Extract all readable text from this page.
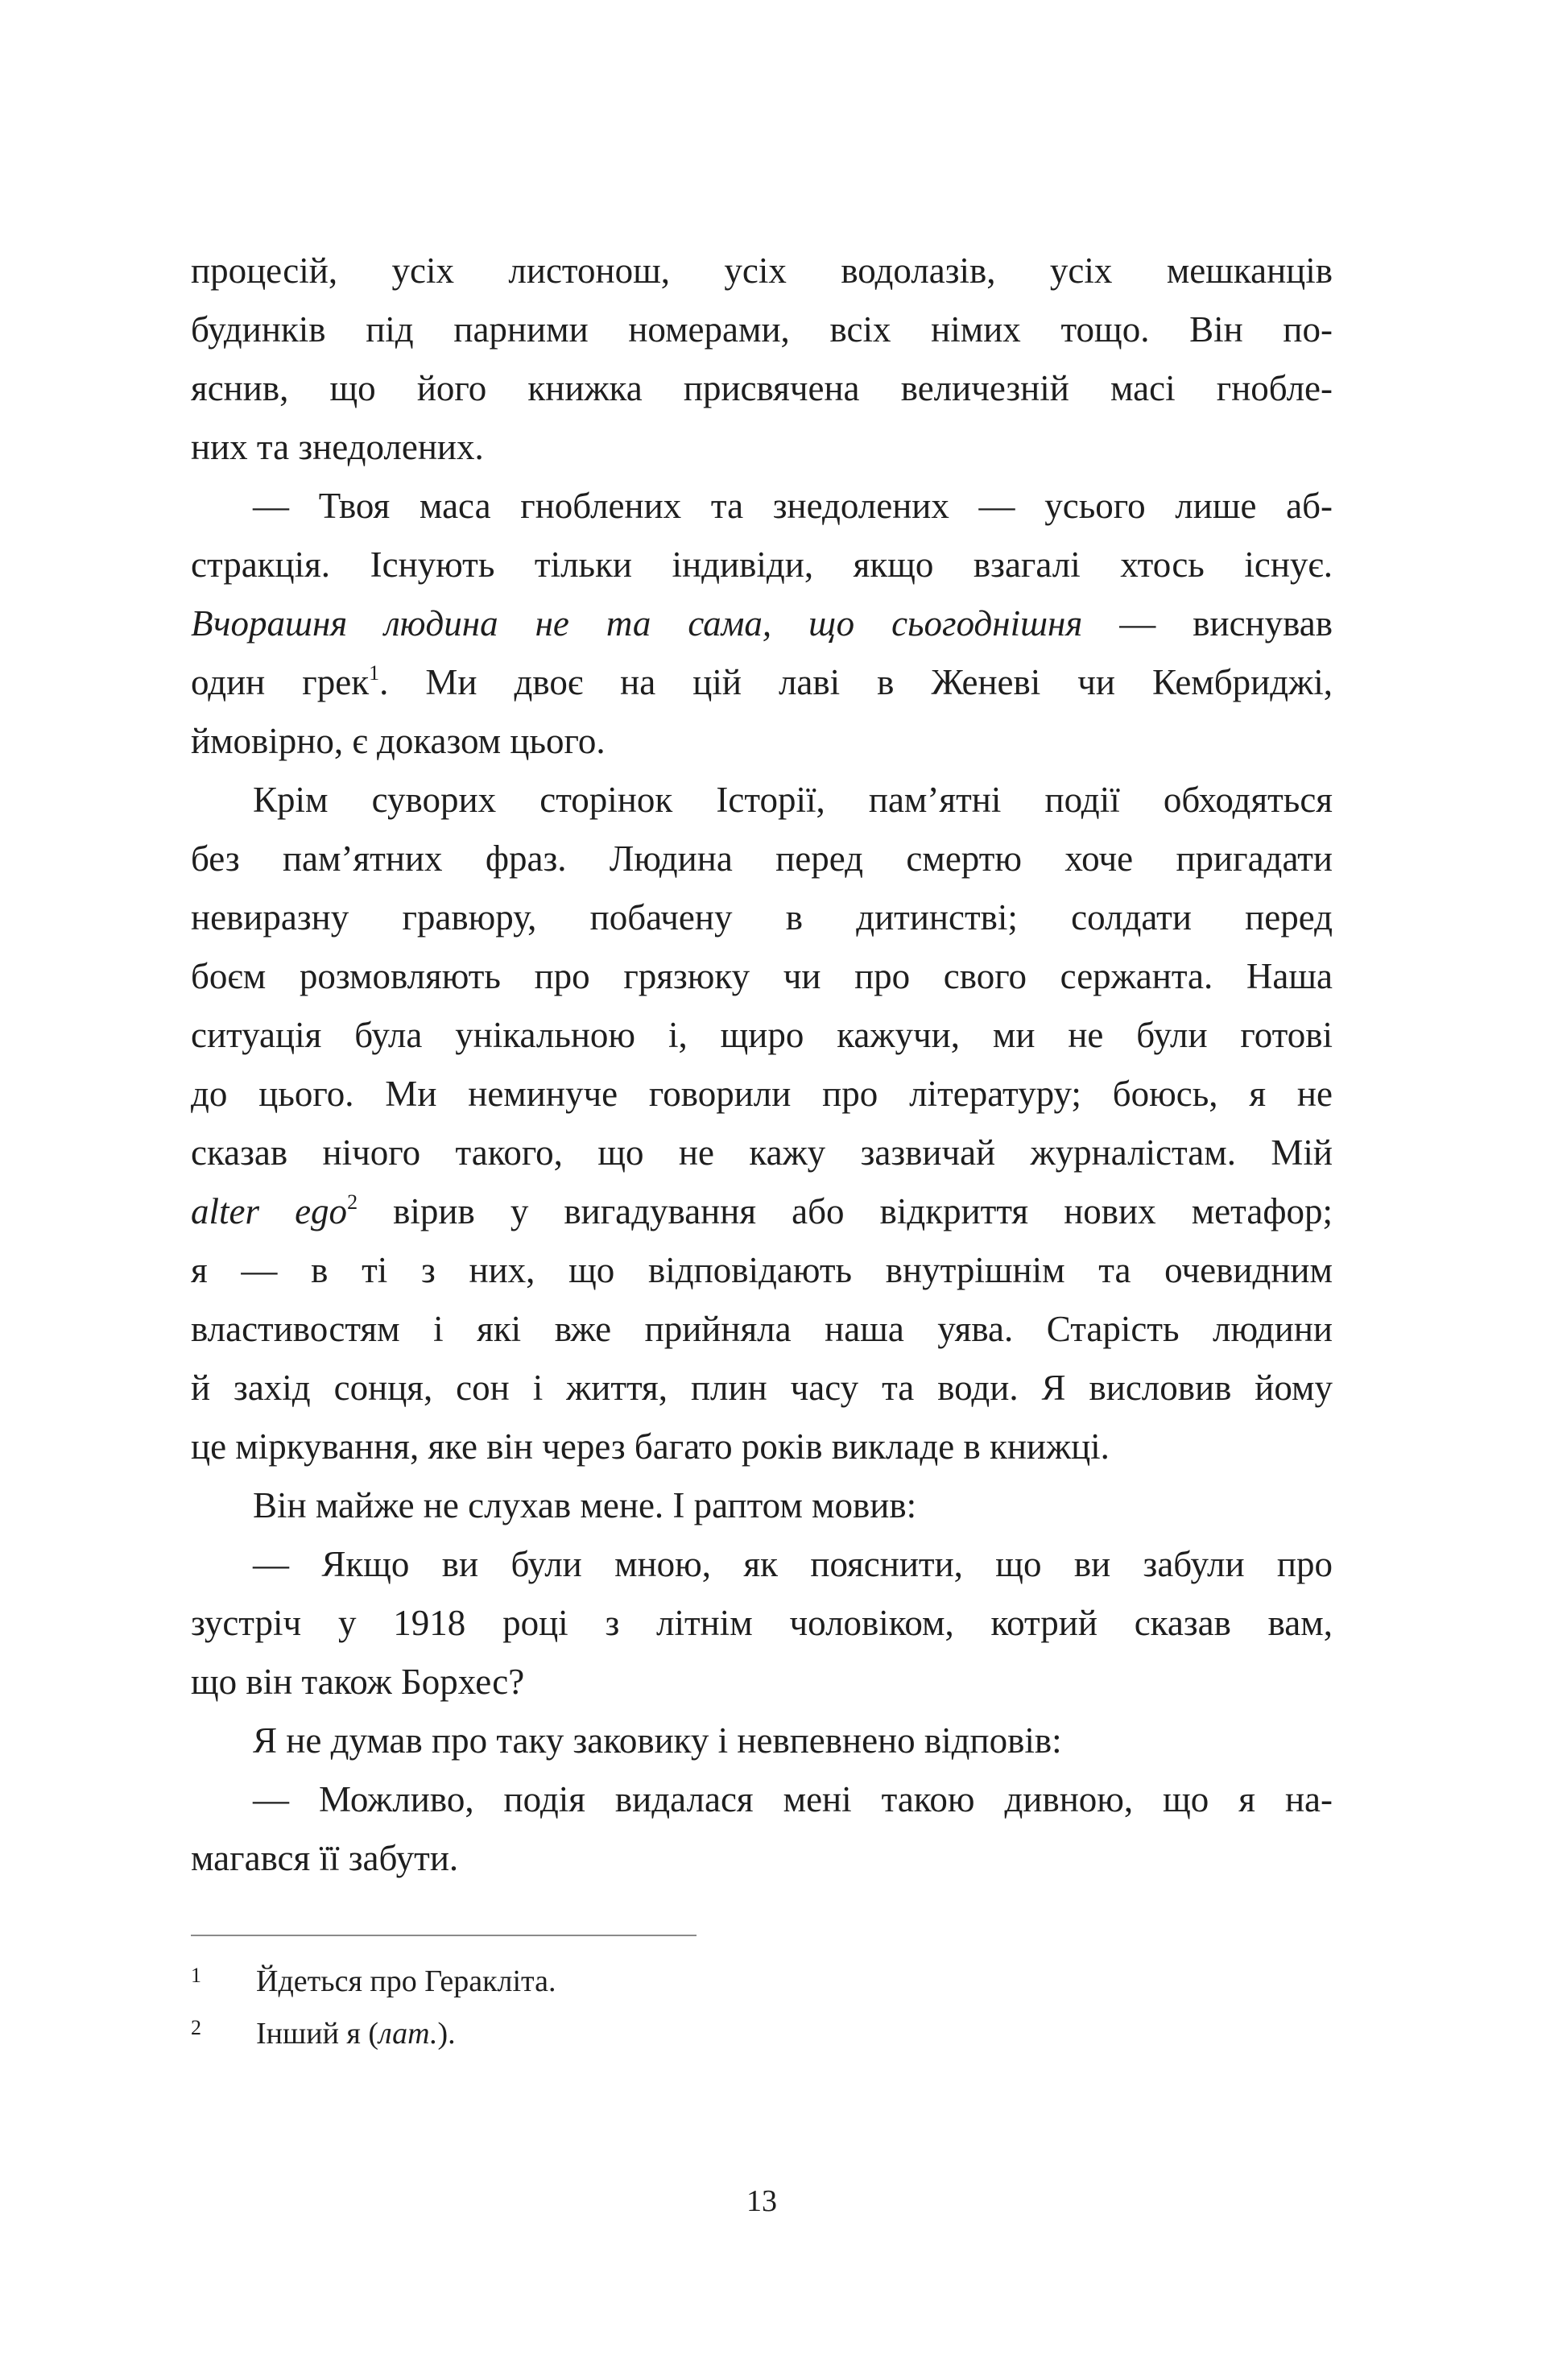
процесій, усіх листонош, усіх водолазів, усіх мешканців
будинків під парними номерами, всіх німих тощо. Він по-
яснив, що його книжка присвячена величезній масі гнобле-
них та знедолених.
— Твоя маса гноблених та знедолених — усього лише аб-
стракція. Існують тільки індивіди, якщо взагалі хтось існує.
Вчорашня людина не та сама, що сьогоднішня — виснував
один грек$^1$. Ми двоє на цій лаві в Женеві чи Кембриджі,
ймовірно, є доказом цього.
Крім суворих сторінок Історії, пам’ятні події обходяться
без пам’ятних фраз. Людина перед смертю хоче пригадати
невиразну гравюру, побачену в дитинстві; солдати перед
боєм розмовляють про грязюку чи про свого сержанта. Наша
ситуація була унікальною і, щиро кажучи, ми не були готові
до цього. Ми неминуче говорили про літературу; боюсь, я не
сказав нічого такого, що не кажу зазвичай журналістам. Мій
alter ego$^2$ вірив у вигадування або відкриття нових метафор;
я — в ті з них, що відповідають внутрішнім та очевидним
властивостям і які вже прийняла наша уява. Старість людини
й захід сонця, сон і життя, плин часу та води. Я висловив йому
це міркування, яке він через багато років викладе в книжці.
Він майже не слухав мене. І раптом мовив:
— Якщо ви були мною, як пояснити, що ви забули про
зустріч у 1918 році з літнім чоловіком, котрий сказав вам,
що він також Борхес?
Я не думав про таку заковику і невпевнено відповів:
— Можливо, подія видалася мені такою дивною, що я на-
магався її забути.
1 Йдеться про Геракліта.
2 Інший я (лат.).
13
